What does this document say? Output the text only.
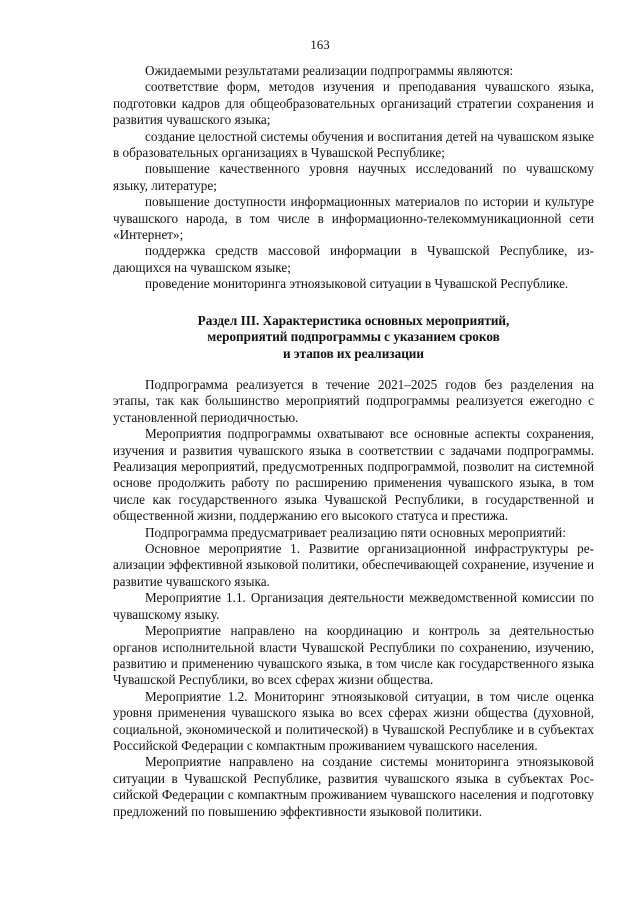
163

Ожидаемыми результатами реализации подпрограммы являются:

соответствие форм, методов изучения и преподавания чувашского языка, подготовки кадров для общеобразовательных организаций стратегии сохранения и развития чувашского языка;

создание целостной системы обучения и воспитания детей на чувашском языке в образовательных организациях в Чувашской Республике;

повышение качественного уровня научных исследований по чувашскому языку, литературе;

повышение доступности информационных материалов по истории и культуре чувашского народа, в том числе в информационно-телекоммуникационной сети «Интернет»;

поддержка средств массовой информации в Чувашской Республике, издающихся на чувашском языке;

проведение мониторинга этноязыковой ситуации в Чувашской Республике.

Раздел III. Характеристика основных мероприятий,
мероприятий подпрограммы с указанием сроков
и этапов их реализации

Подпрограмма реализуется в течение 2021–2025 годов без разделения на этапы, так как большинство мероприятий подпрограммы реализуется ежегодно с установленной периодичностью.

Мероприятия подпрограммы охватывают все основные аспекты сохранения, изучения и развития чувашского языка в соответствии с задачами подпрограммы. Реализация мероприятий, предусмотренных подпрограммой, позволит на системной основе продолжить работу по расширению применения чувашского языка, в том числе как государственного языка Чувашской Республики, в государственной и общественной жизни, поддержанию его высокого статуса и престижа.

Подпрограмма предусматривает реализацию пяти основных мероприятий:

Основное мероприятие 1. Развитие организационной инфраструктуры реализации эффективной языковой политики, обеспечивающей сохранение, изучение и развитие чувашского языка.

Мероприятие 1.1. Организация деятельности межведомственной комиссии по чувашскому языку.

Мероприятие направлено на координацию и контроль за деятельностью органов исполнительной власти Чувашской Республики по сохранению, изучению, развитию и применению чувашского языка, в том числе как государственного языка Чувашской Республики, во всех сферах жизни общества.

Мероприятие 1.2. Мониторинг этноязыковой ситуации, в том числе оценка уровня применения чувашского языка во всех сферах жизни общества (духовной, социальной, экономической и политической) в Чувашской Республике и в субъектах Российской Федерации с компактным проживанием чувашского населения.

Мероприятие направлено на создание системы мониторинга этноязыковой ситуации в Чувашской Республике, развития чувашского языка в субъектах Российской Федерации с компактным проживанием чувашского населения и подготовку предложений по повышению эффективности языковой политики.
